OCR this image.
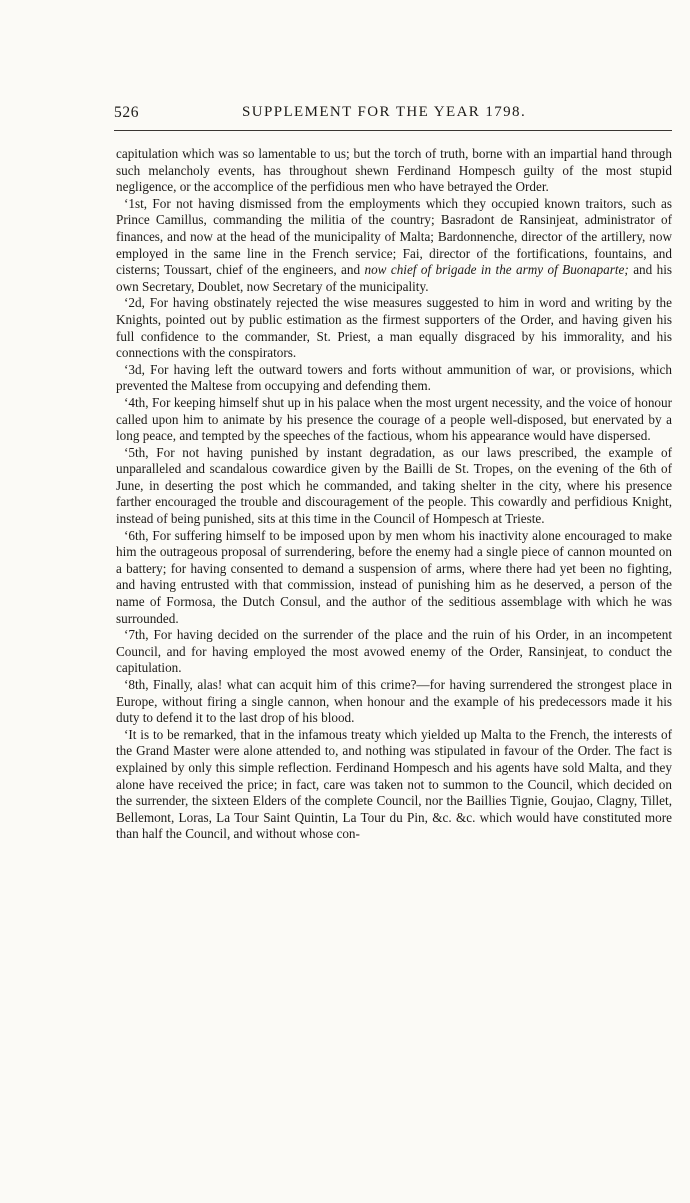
526	SUPPLEMENT FOR THE YEAR 1798.

capitulation which was so lamentable to us; but the torch of truth, borne with an impartial hand through such melancholy events, has throughout shewn Ferdinand Hompesch guilty of the most stupid negligence, or the accomplice of the perfidious men who have betrayed the Order.

‘1st, For not having dismissed from the employments which they occupied known traitors, such as Prince Camillus, commanding the militia of the country; Basradont de Ransinjeat, administrator of finances, and now at the head of the municipality of Malta; Bardonnenche, director of the artillery, now employed in the same line in the French service; Fai, director of the fortifications, fountains, and cisterns; Toussart, chief of the engineers, and now chief of brigade in the army of Buonaparte; and his own Secretary, Doublet, now Secretary of the municipality.

‘2d, For having obstinately rejected the wise measures suggested to him in word and writing by the Knights, pointed out by public estimation as the firmest supporters of the Order, and having given his full confidence to the commander, St. Priest, a man equally disgraced by his immorality, and his connections with the conspirators.

‘3d, For having left the outward towers and forts without ammunition of war, or provisions, which prevented the Maltese from occupying and defending them.

‘4th, For keeping himself shut up in his palace when the most urgent necessity, and the voice of honour called upon him to animate by his presence the courage of a people well-disposed, but enervated by a long peace, and tempted by the speeches of the factious, whom his appearance would have dispersed.

‘5th, For not having punished by instant degradation, as our laws prescribed, the example of unparalleled and scandalous cowardice given by the Bailli de St. Tropes, on the evening of the 6th of June, in deserting the post which he commanded, and taking shelter in the city, where his presence farther encouraged the trouble and discouragement of the people. This cowardly and perfidious Knight, instead of being punished, sits at this time in the Council of Hompesch at Trieste.

‘6th, For suffering himself to be imposed upon by men whom his inactivity alone encouraged to make him the outrageous proposal of surrendering, before the enemy had a single piece of cannon mounted on a battery; for having consented to demand a suspension of arms, where there had yet been no fighting, and having entrusted with that commission, instead of punishing him as he deserved, a person of the name of Formosa, the Dutch Consul, and the author of the seditious assemblage with which he was surrounded.

‘7th, For having decided on the surrender of the place and the ruin of his Order, in an incompetent Council, and for having employed the most avowed enemy of the Order, Ransinjeat, to conduct the capitulation.

‘8th, Finally, alas! what can acquit him of this crime?—for having surrendered the strongest place in Europe, without firing a single cannon, when honour and the example of his predecessors made it his duty to defend it to the last drop of his blood.

‘It is to be remarked, that in the infamous treaty which yielded up Malta to the French, the interests of the Grand Master were alone attended to, and nothing was stipulated in favour of the Order. The fact is explained by only this simple reflection. Ferdinand Hompesch and his agents have sold Malta, and they alone have received the price; in fact, care was taken not to summon to the Council, which decided on the surrender, the sixteen Elders of the complete Council, nor the Baillies Tignie, Goujao, Clagny, Tillet, Bellemont, Loras, La Tour Saint Quintin, La Tour du Pin, &c. &c. which would have constituted more than half the Council, and without whose con-
